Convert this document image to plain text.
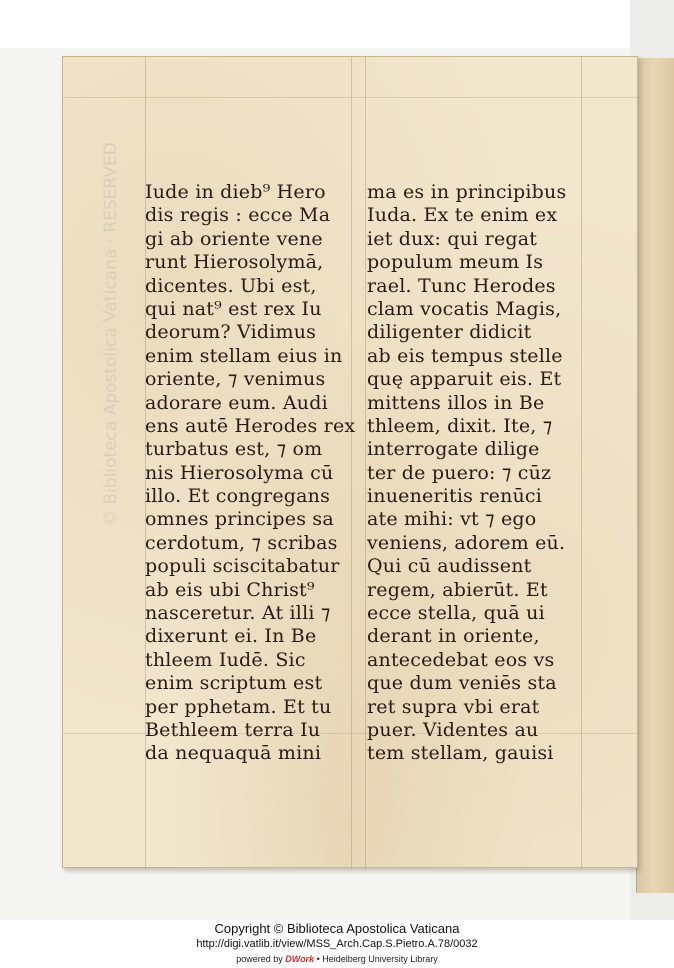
© Biblioteca Apostolica Vaticana · RESERVED Iude in dieb⁹ Hero
dis regis : ecce Ma
gi ab oriente vene
runt Hierosolymā,
dicentes. Ubi est,
qui nat⁹ est rex Iu
deorum? Vidimus
enim stellam eius in
oriente, ⁊ venimus
adorare eum. Audi
ens autē Herodes rex
turbatus est, ⁊ om
nis Hierosolyma cū
illo. Et congregans
omnes principes sa
cerdotum, ⁊ scribas
populi sciscitabatur
ab eis ubi Christ⁹
nasceretur. At illi ⁊
dixerunt ei. In Be
thleem Iudē. Sic
enim scriptum est
per pphetam. Et tu
Bethleem terra Iu
da nequaquā mini
ma es in principibus
Iuda. Ex te enim ex
iet dux: qui regat
populum meum Is
rael. Tunc Herodes
clam vocatis Magis,
diligenter didicit
ab eis tempus stelle
quę apparuit eis. Et
mittens illos in Be
thleem, dixit. Ite, ⁊
interrogate dilige
ter de puero: ⁊ cūz
inueneritis renūci
ate mihi: vt ⁊ ego
veniens, adorem eū.
Qui cū audissent
regem, abierūt. Et
ecce stella, quā ui
derant in oriente,
antecedebat eos vs
que dum veniēs sta
ret supra vbi erat
puer. Videntes au
tem stellam, gauisi
Copyright © Biblioteca Apostolica Vaticana
http://digi.vatlib.it/view/MSS_Arch.Cap.S.Pietro.A.78/0032
powered by DWork • Heidelberg University Library
